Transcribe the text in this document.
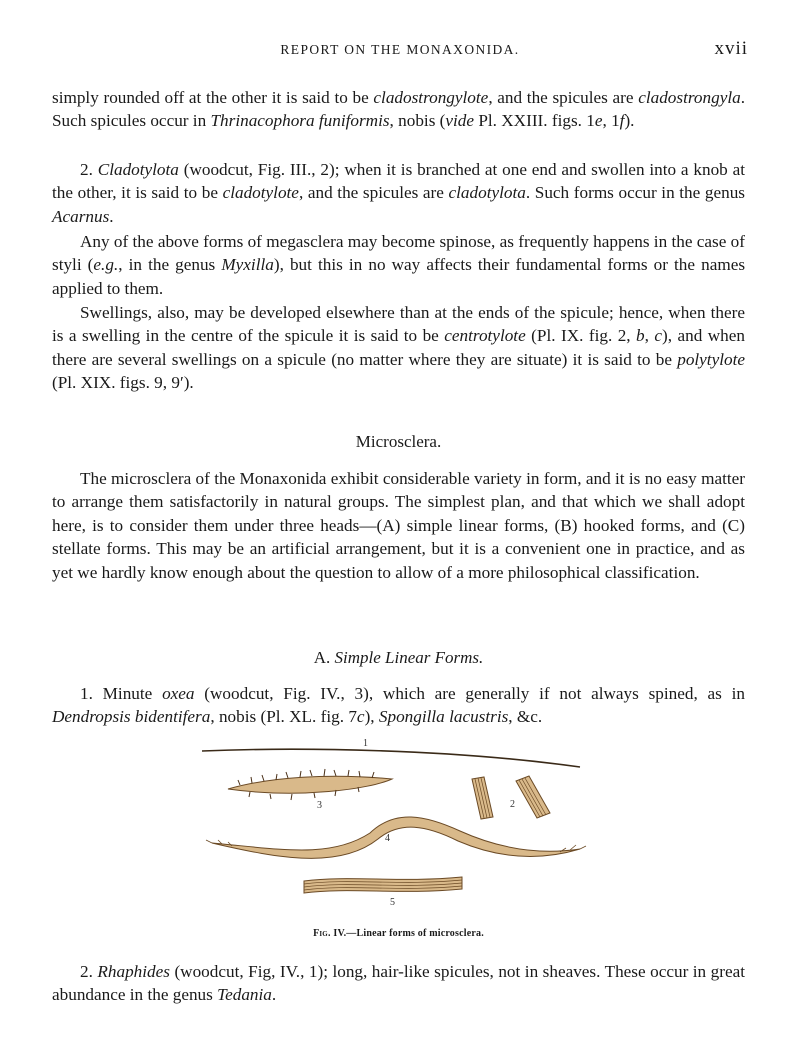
REPORT ON THE MONAXONIDA.	xvii

simply rounded off at the other it is said to be cladostrongylote, and the spicules are cladostrongyla. Such spicules occur in Thrinacophora funiformis, nobis (vide Pl. XXIII. figs. 1e, 1f).

2. Cladotylota (woodcut, Fig. III., 2); when it is branched at one end and swollen into a knob at the other, it is said to be cladotylote, and the spicules are cladotylota. Such forms occur in the genus Acarnus.

Any of the above forms of megasclera may become spinose, as frequently happens in the case of styli (e.g., in the genus Myxilla), but this in no way affects their fundamental forms or the names applied to them.

Swellings, also, may be developed elsewhere than at the ends of the spicule; hence, when there is a swelling in the centre of the spicule it is said to be centrotylote (Pl. IX. fig. 2, b, c), and when there are several swellings on a spicule (no matter where they are situate) it is said to be polytylote (Pl. XIX. figs. 9, 9′).

Microsclera.

The microsclera of the Monaxonida exhibit considerable variety in form, and it is no easy matter to arrange them satisfactorily in natural groups. The simplest plan, and that which we shall adopt here, is to consider them under three heads—(A) simple linear forms, (B) hooked forms, and (C) stellate forms. This may be an artificial arrangement, but it is a convenient one in practice, and as yet we hardly know enough about the question to allow of a more philosophical classification.

A. Simple Linear Forms.

1. Minute oxea (woodcut, Fig. IV., 3), which are generally if not always spined, as in Dendropsis bidentifera, nobis (Pl. XL. fig. 7c), Spongilla lacustris, &c.

1
3	2
4
5
Fig. IV.—Linear forms of microsclera.

2. Rhaphides (woodcut, Fig, IV., 1); long, hair-like spicules, not in sheaves. These occur in great abundance in the genus Tedania.
